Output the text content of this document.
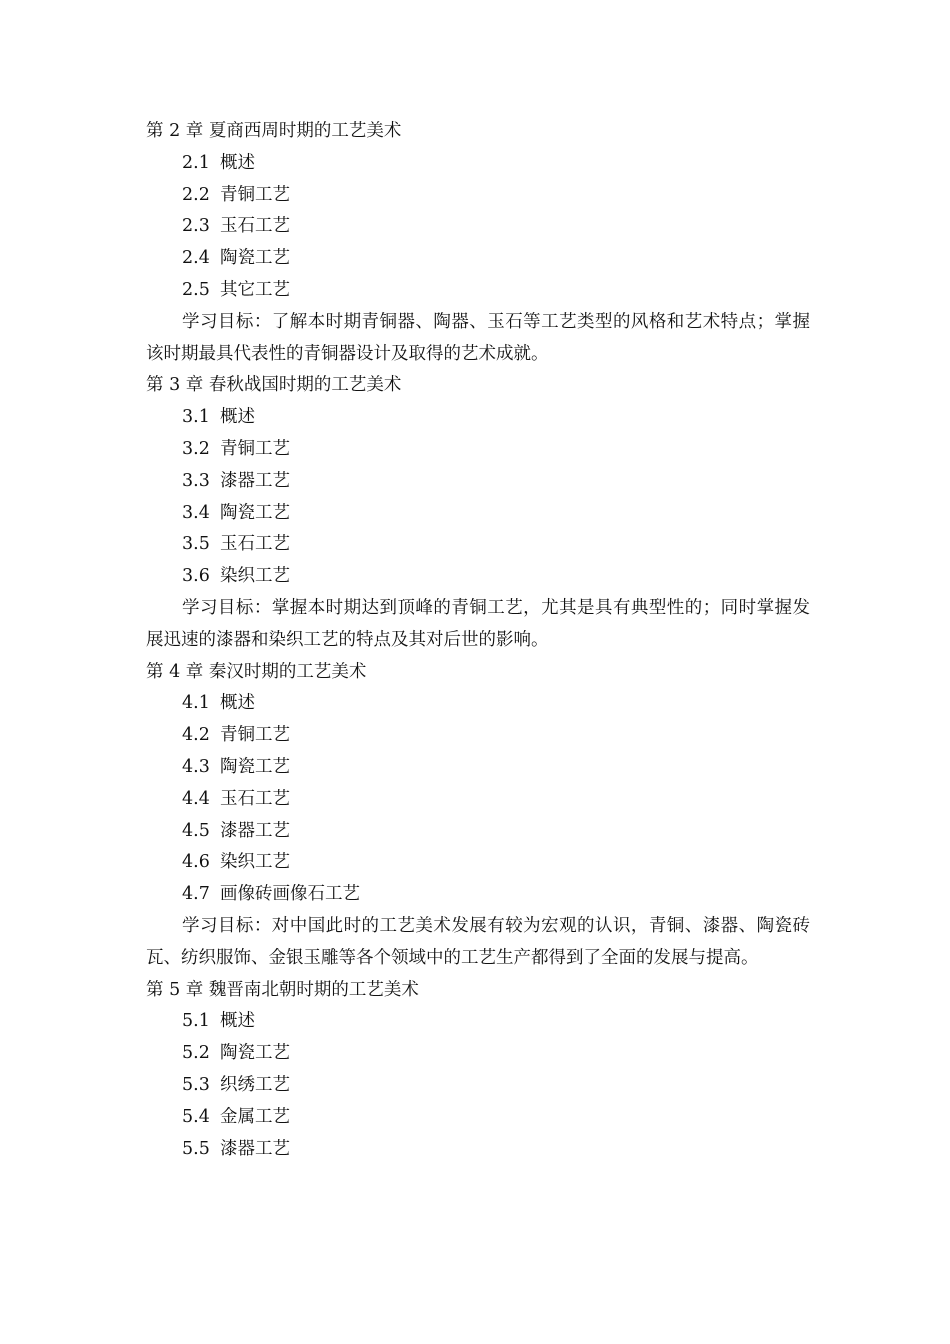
第 2 章 夏商西周时期的工艺美术
2.1 概述
2.2 青铜工艺
2.3 玉石工艺
2.4 陶瓷工艺
2.5 其它工艺

学习目标：了解本时期青铜器、陶器、玉石等工艺类型的风格和艺术特点；掌握该时期最具代表性的青铜器设计及取得的艺术成就。

第 3 章 春秋战国时期的工艺美术
3.1 概述
3.2 青铜工艺
3.3 漆器工艺
3.4 陶瓷工艺
3.5 玉石工艺
3.6 染织工艺

学习目标：掌握本时期达到顶峰的青铜工艺，尤其是具有典型性的；同时掌握发展迅速的漆器和染织工艺的特点及其对后世的影响。

第 4 章 秦汉时期的工艺美术
4.1 概述
4.2 青铜工艺
4.3 陶瓷工艺
4.4 玉石工艺
4.5 漆器工艺
4.6 染织工艺
4.7 画像砖画像石工艺

学习目标：对中国此时的工艺美术发展有较为宏观的认识，青铜、漆器、陶瓷砖瓦、纺织服饰、金银玉雕等各个领域中的工艺生产都得到了全面的发展与提高。

第 5 章 魏晋南北朝时期的工艺美术
5.1 概述
5.2 陶瓷工艺
5.3 织绣工艺
5.4 金属工艺
5.5 漆器工艺
